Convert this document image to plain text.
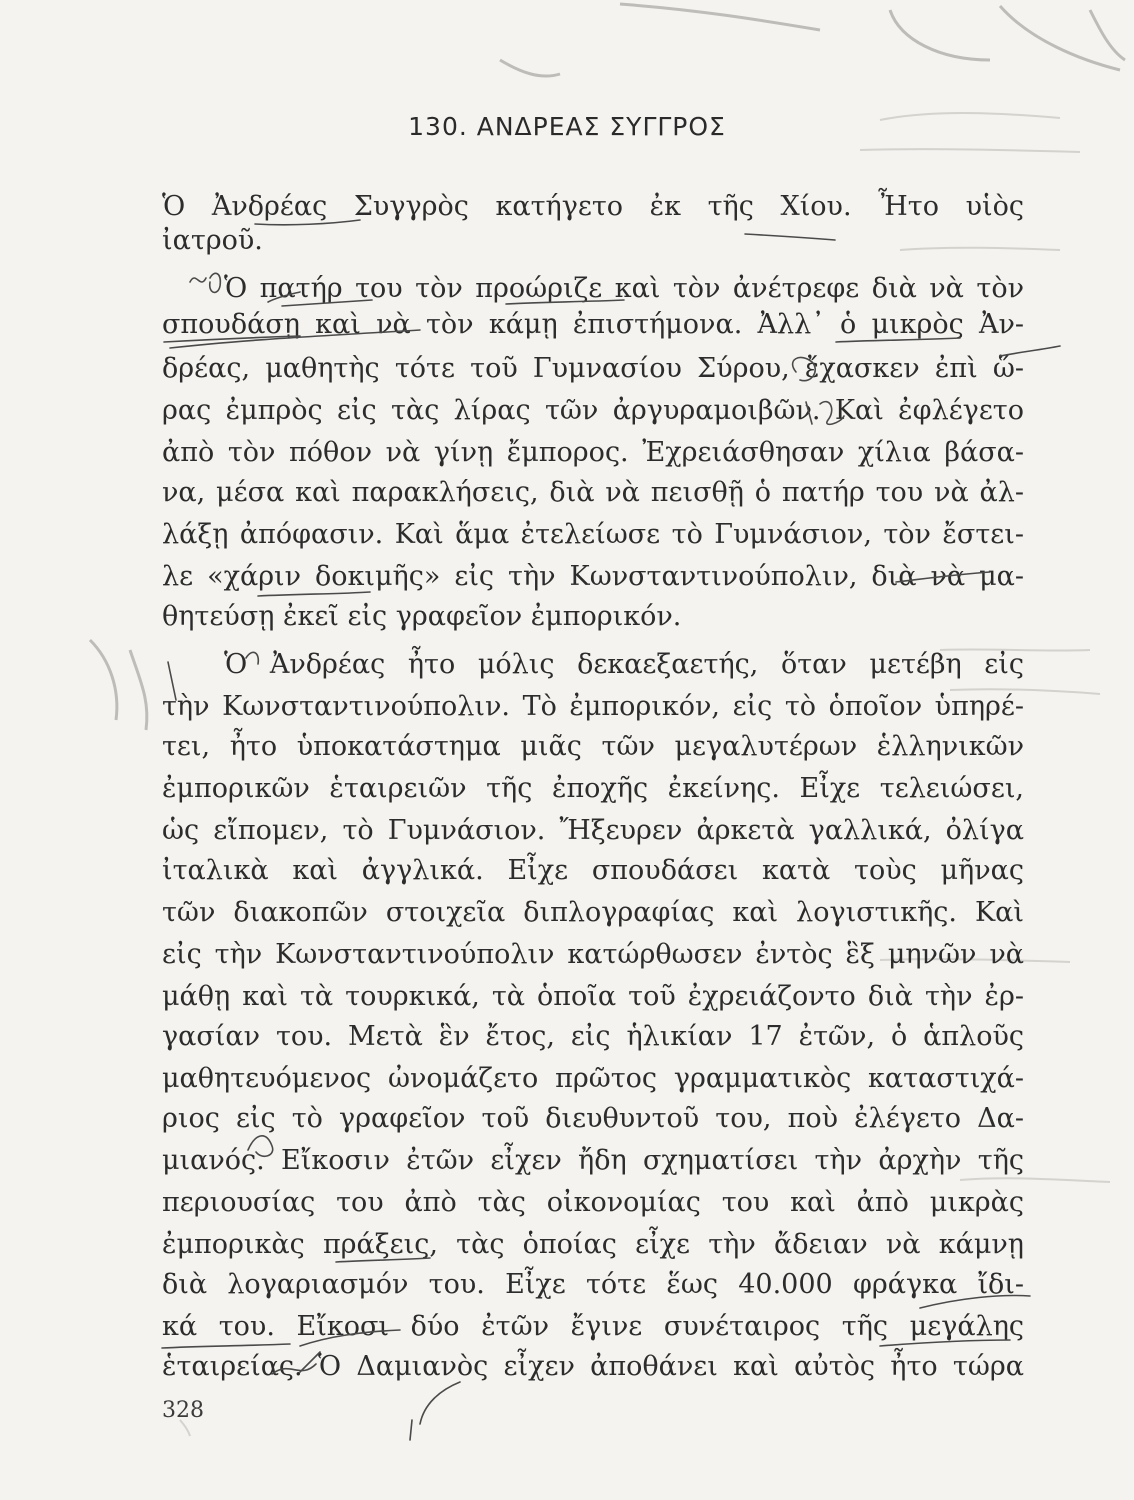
130. ΑΝΔΡΕΑΣ ΣΥΓΓΡΟΣ
Ὁ Ἀνδρέας Συγγρὸς κατήγετο ἐκ τῆς Χίου. Ἦτο υἱὸς
ἰατροῦ.
Ὁ πατήρ του τὸν προώριζε καὶ τὸν ἀνέτρεφε διὰ νὰ τὸν
σπουδάσῃ καὶ νὰ τὸν κάμῃ ἐπιστήμονα. Ἀλλ᾽ ὁ μικρὸς Ἀν-
δρέας, μαθητὴς τότε τοῦ Γυμνασίου Σύρου, ἔχασκεν ἐπὶ ὥ-
ρας ἐμπρὸς εἰς τὰς λίρας τῶν ἀργυραμοιβῶν. Καὶ ἐφλέγετο
ἀπὸ τὸν πόθον νὰ γίνῃ ἔμπορος. Ἐχρειάσθησαν χίλια βάσα-
να, μέσα καὶ παρακλήσεις, διὰ νὰ πεισθῇ ὁ πατήρ του νὰ ἀλ-
λάξῃ ἀπόφασιν. Καὶ ἅμα ἐτελείωσε τὸ Γυμνάσιον, τὸν ἔστει-
λε «χάριν δοκιμῆς» εἰς τὴν Κωνσταντινούπολιν, διὰ νὰ μα-
θητεύσῃ ἐκεῖ εἰς γραφεῖον ἐμπορικόν.
Ὁ Ἀνδρέας ἦτο μόλις δεκαεξαετής, ὅταν μετέβη εἰς
τὴν Κωνσταντινούπολιν. Τὸ ἐμπορικόν, εἰς τὸ ὁποῖον ὑπηρέ-
τει, ἦτο ὑποκατάστημα μιᾶς τῶν μεγαλυτέρων ἑλληνικῶν
ἐμπορικῶν ἑταιρειῶν τῆς ἐποχῆς ἐκείνης. Εἶχε τελειώσει,
ὡς εἴπομεν, τὸ Γυμνάσιον. Ἤξευρεν ἀρκετὰ γαλλικά, ὀλίγα
ἰταλικὰ καὶ ἀγγλικά. Εἶχε σπουδάσει κατὰ τοὺς μῆνας
τῶν διακοπῶν στοιχεῖα διπλογραφίας καὶ λογιστικῆς. Καὶ
εἰς τὴν Κωνσταντινούπολιν κατώρθωσεν ἐντὸς ἓξ μηνῶν νὰ
μάθῃ καὶ τὰ τουρκικά, τὰ ὁποῖα τοῦ ἐχρειάζοντο διὰ τὴν ἐρ-
γασίαν του. Μετὰ ἓν ἔτος, εἰς ἡλικίαν 17 ἐτῶν, ὁ ἁπλοῦς
μαθητευόμενος ὠνομάζετο πρῶτος γραμματικὸς καταστιχά-
ριος εἰς τὸ γραφεῖον τοῦ διευθυντοῦ του, ποὺ ἐλέγετο Δα-
μιανός. Εἴκοσιν ἐτῶν εἶχεν ἤδη σχηματίσει τὴν ἀρχὴν τῆς
περιουσίας του ἀπὸ τὰς οἰκονομίας του καὶ ἀπὸ μικρὰς
ἐμπορικὰς πράξεις, τὰς ὁποίας εἶχε τὴν ἄδειαν νὰ κάμνῃ
διὰ λογαριασμόν του. Εἶχε τότε ἕως 40.000 φράγκα ἴδι-
κά του. Εἴκοσι δύο ἐτῶν ἔγινε συνέταιρος τῆς μεγάλης
ἑταιρείας. Ὁ Δαμιανὸς εἶχεν ἀποθάνει καὶ αὐτὸς ἦτο τώρα
328
